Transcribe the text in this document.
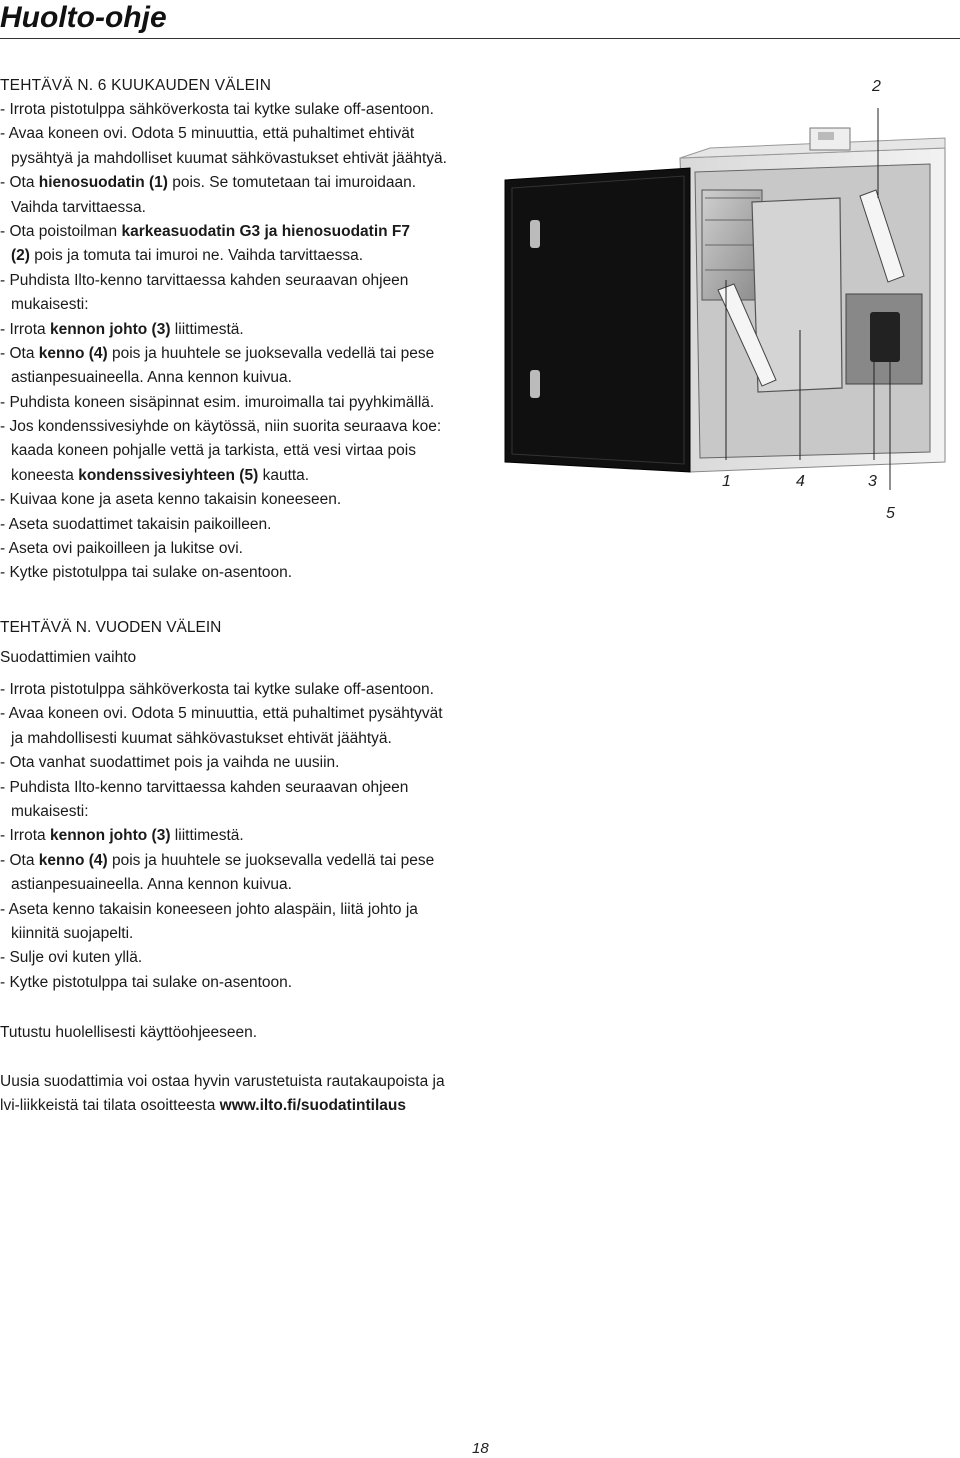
Huolto-ohje
TEHTÄVÄ N. 6 KUUKAUDEN VÄLEIN
- Irrota pistotulppa sähköverkosta tai kytke sulake off-asentoon.
- Avaa koneen ovi. Odota 5 minuuttia, että puhaltimet ehtivät
pysähtyä ja mahdolliset kuumat sähkövastukset ehtivät jäähtyä.
- Ota hienosuodatin (1) pois. Se tomutetaan tai imuroidaan.
Vaihda tarvittaessa.
- Ota poistoilman karkeasuodatin G3 ja hienosuodatin F7
(2) pois ja tomuta tai imuroi ne. Vaihda tarvittaessa.
- Puhdista Ilto-kenno tarvittaessa kahden seuraavan ohjeen
mukaisesti:
- Irrota kennon johto (3) liittimestä.
- Ota kenno (4) pois ja huuhtele se juoksevalla vedellä tai pese
astianpesuaineella. Anna kennon kuivua.
- Puhdista koneen sisäpinnat esim. imuroimalla tai pyyhkimällä.
- Jos kondenssivesiyhde on käytössä, niin suorita seuraava koe:
kaada koneen pohjalle vettä ja tarkista, että vesi virtaa pois
koneesta kondenssivesiyhteen (5) kautta.
- Kuivaa kone ja aseta kenno takaisin koneeseen.
- Aseta suodattimet takaisin paikoilleen.
- Aseta ovi paikoilleen ja lukitse ovi.
- Kytke pistotulppa tai sulake on-asentoon.
TEHTÄVÄ N. VUODEN VÄLEIN
Suodattimien vaihto
- Irrota pistotulppa sähköverkosta tai kytke sulake off-asentoon.
- Avaa koneen ovi. Odota 5 minuuttia, että puhaltimet pysähtyvät
ja mahdollisesti kuumat sähkövastukset ehtivät jäähtyä.
- Ota vanhat suodattimet pois ja vaihda ne uusiin.
- Puhdista Ilto-kenno tarvittaessa kahden seuraavan ohjeen
mukaisesti:
- Irrota kennon johto (3) liittimestä.
- Ota kenno (4) pois ja huuhtele se juoksevalla vedellä tai pese
astianpesuaineella. Anna kennon kuivua.
- Aseta kenno takaisin koneeseen johto alaspäin, liitä johto ja
kiinnitä suojapelti.
- Sulje ovi kuten yllä.
- Kytke pistotulppa tai sulake on-asentoon.

Tutustu huolellisesti käyttöohjeeseen.

Uusia suodattimia voi ostaa hyvin varustetuista rautakaupoista ja
lvi-liikkeistä tai tilata osoitteesta www.ilto.fi/suodatintilaus

2
1	4	3
5
18
